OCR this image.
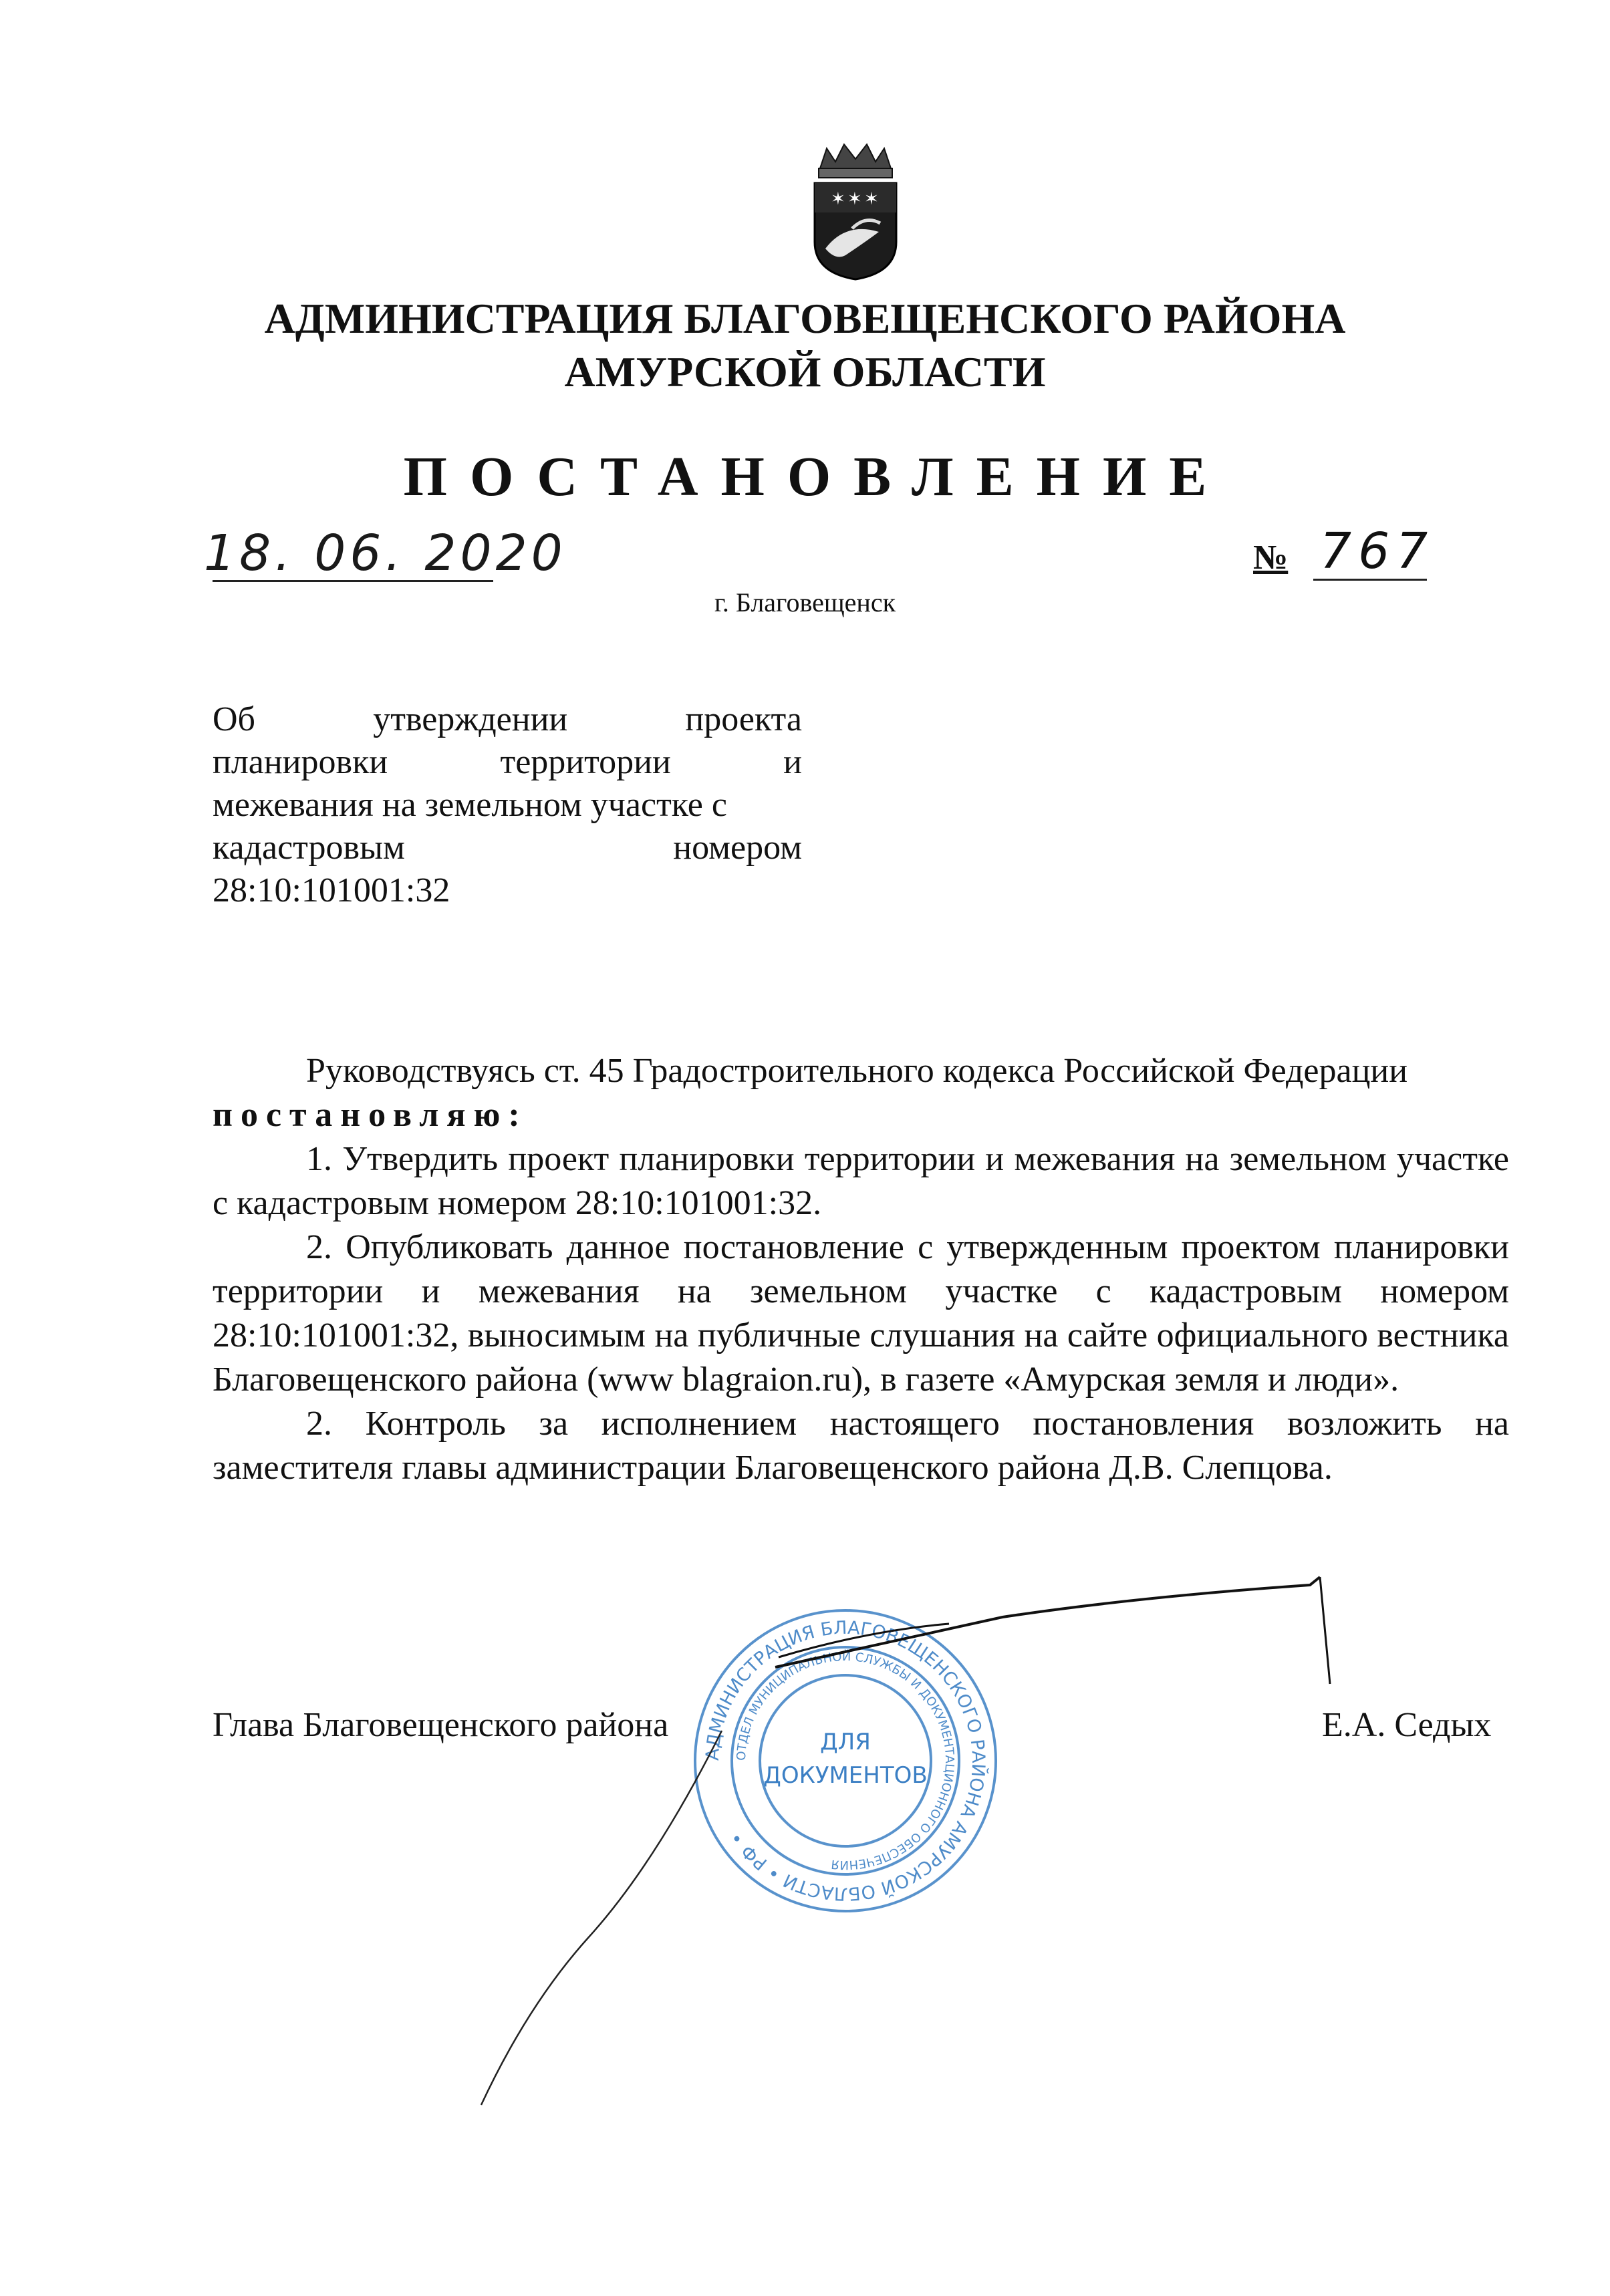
✶ ✶ ✶
АДМИНИСТРАЦИЯ БЛАГОВЕЩЕНСКОГО РАЙОНА
АМУРСКОЙ ОБЛАСТИ
ПОСТАНОВЛЕНИЕ
18. 06. 2020	№ 767
г. Благовещенск
Об утверждении проекта
планировки территории и
межевания на земельном участке с
кадастровым номером
28:10:101001:32

Руководствуясь ст. 45 Градостроительного кодекса Российской Федерации

постановляю:

1. Утвердить проект планировки территории и межевания на земельном участке с кадастровым номером 28:10:101001:32.

2. Опубликовать данное постановление с утвержденным проектом планировки территории и межевания на земельном участке с кадастровым номером 28:10:101001:32, выносимым на публичные слушания на сайте официального вестника Благовещенского района (www blagraion.ru), в газете «Амурская земля и люди».

2. Контроль за исполнением настоящего постановления возложить на заместителя главы администрации Благовещенского района Д.В. Слепцова.

АДМИНИСТРАЦИЯ БЛАГОВЕЩЕНСКОГО РАЙОНА АМУРСКОЙ ОБЛАСТИ • РФ •
ОТДЕЛ МУНИЦИПАЛЬНОЙ СЛУЖБЫ И ДОКУМЕНТАЦИОННОГО ОБЕСПЕЧЕНИЯ
ДЛЯ
ДОКУМЕНТОВ
Глава Благовещенского района	Е.А. Седых
